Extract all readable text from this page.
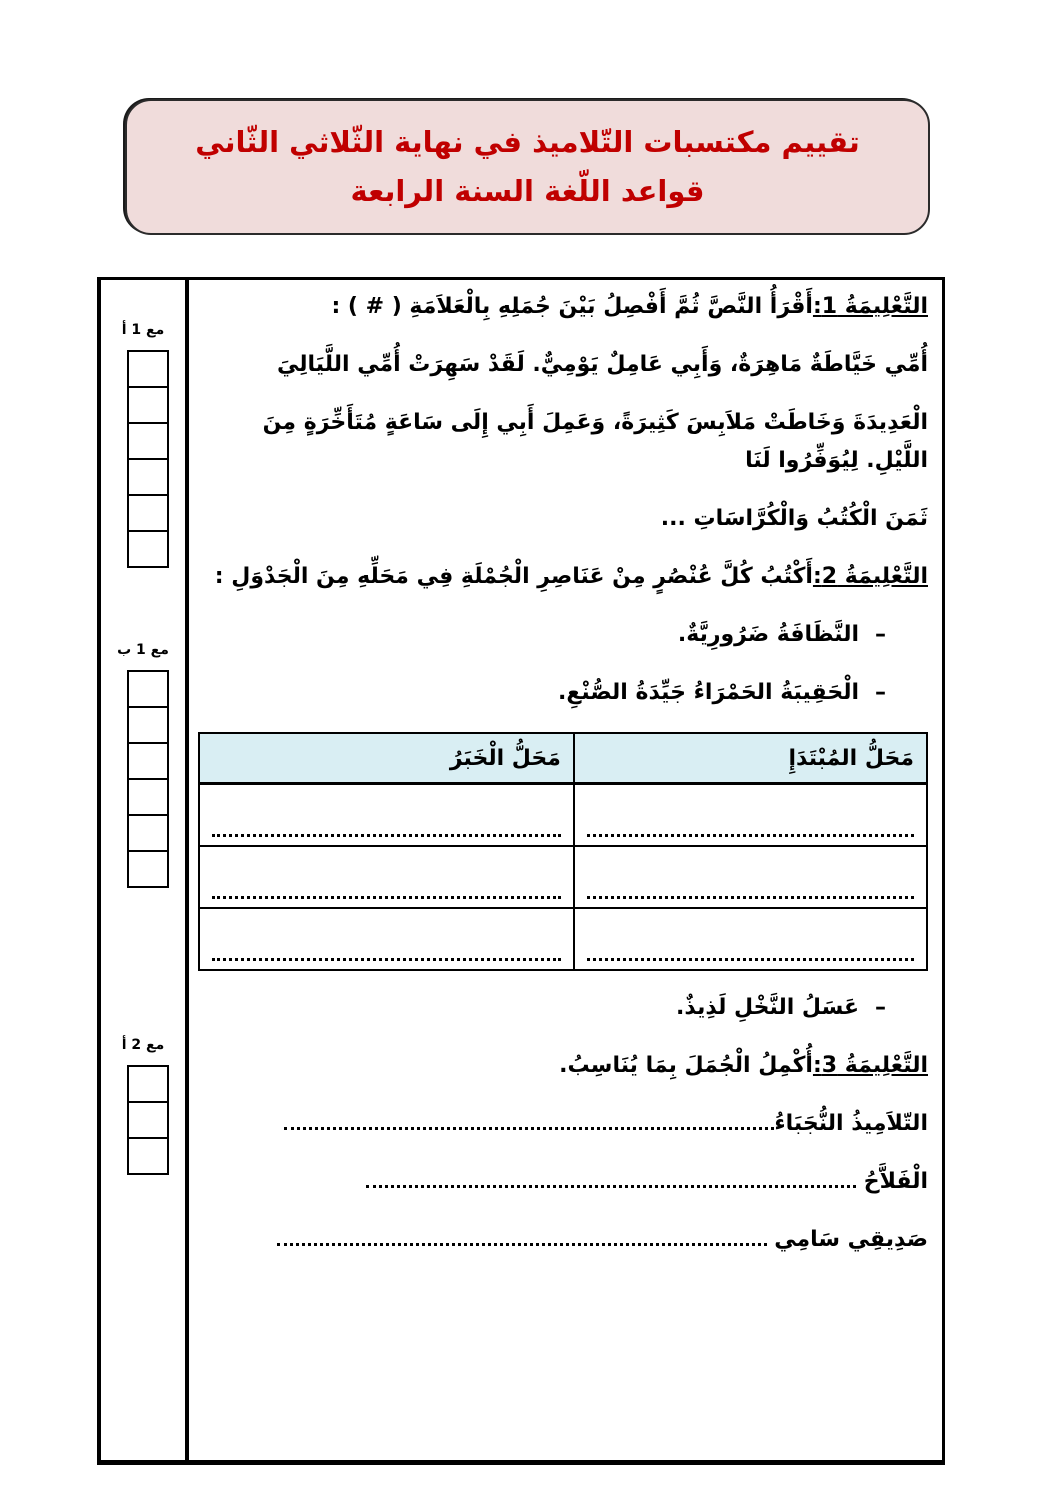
تقييم مكتسبات التّلاميذ في نهاية الثّلاثي الثّاني
قواعد اللّغة السنة الرابعة
مع 1 أ
مع 1 ب
مع 2 أ

التَّعْلِيمَةُ 1:أَقْرَأُ النَّصَّ ثُمَّ أَفْصِلُ بَيْنَ جُمَلِهِ بِالْعَلاَمَةِ ( # ) :

أُمِّي خَيَّاطَةٌ مَاهِرَةٌ، وَأَبِي عَامِلٌ يَوْمِيٌّ. لَقَدْ سَهِرَتْ أُمِّي اللَّيَالِيَ

الْعَدِيدَةَ وَخَاطَتْ مَلاَبِسَ كَثِيرَةً، وَعَمِلَ أَبِي إِلَى سَاعَةٍ مُتَأَخِّرَةٍ مِنَ اللَّيْلِ. لِيُوَفِّرُوا لَنَا

ثَمَنَ الْكُتُبُ وَالْكُرَّاسَاتِ ...

التَّعْلِيمَةُ 2:أَكْتُبُ كُلَّ عُنْصُرٍ مِنْ عَنَاصِرِ الْجُمْلَةِ فِي مَحَلِّهِ مِنَ الْجَدْوَلِ :

–النَّظَافَةُ ضَرُورِيَّةٌ.

–الْحَقِيبَةُ الحَمْرَاءُ جَيِّدَةُ الصُّنْعِ.

مَحَلُّ المُبْتَدَإِ	مَحَلُّ الْخَبَرُ

–عَسَلُ النَّخْلِ لَذِيذٌ.

التَّعْلِيمَةُ 3:أُكْمِلُ الْجُمَلَ بِمَا يُنَاسِبُ.

التّلاَمِيذُ النُّجَبَاءُ

الْفَلاَّحُ

صَدِيقِي سَامِي
